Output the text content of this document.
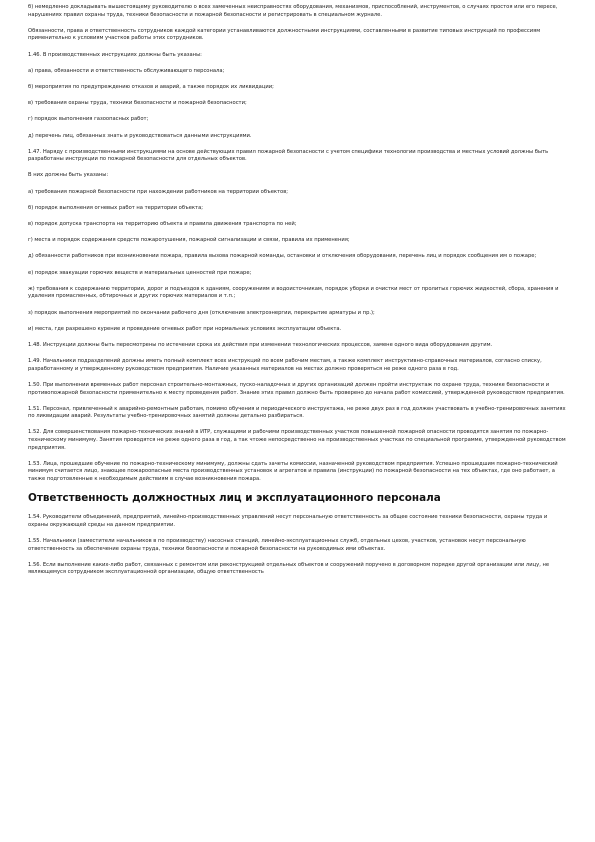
б) немедленно докладывать вышестоящему руководителю о всех замеченных неисправностях оборудования, механизмов, приспособлений, инструментов, о случаях простоя или его пересе, нарушениях правил охраны труда, техники безопасности и пожарной безопасности и регистрировать в специальном журнале.

Обязанности, права и ответственность сотрудников каждой категории устанавливаются должностными инструкциями, составленными в развитие типовых инструкций по профессиям применительно к условиям участков работы этих сотрудников.

1.46. В производственных инструкциях должны быть указаны:

а) права, обязанности и ответственность обслуживающего персонала;

б) мероприятия по предупреждению отказов и аварий, а также порядок их ликвидации;

в) требования охраны труда, техники безопасности и пожарной безопасности;

г) порядок выполнения газоопасных работ;

д) перечень лиц, обязанных знать и руководствоваться данными инструкциями.

1.47. Наряду с производственными инструкциями на основе действующих правил пожарной безопасности с учетом специфики технологии производства и местных условий должны быть разработаны инструкции по пожарной безопасности для отдельных объектов.

В них должны быть указаны:

а) требования пожарной безопасности при нахождении работников на территории объектов;

б) порядок выполнения огневых работ на территории объекта;

в) порядок допуска транспорта на территорию объекта и правила движения транспорта по ней;

г) места и порядок содержания средств пожаротушения, пожарной сигнализации и связи, правила их применения;

д) обязанности работников при возникновении пожара, правила вызова пожарной команды, остановки и отключения оборудования, перечень лиц и порядок сообщения им о пожаре;

е) порядок эвакуации горючих веществ и материальных ценностей при пожаре;

ж) требования к содержанию территории, дорог и подъездов к зданиям, сооружениям и водоисточникам, порядок уборки и очистки мест от пролитых горючих жидкостей, сбора, хранения и удаления промасленных, обтирочных и других горючих материалов и т.п.;

з) порядок выполнения мероприятий по окончании рабочего дня (отключение электроэнергии, перекрытие арматуры и пр.);

и) места, где разрешено курение и проведение огневых работ при нормальных условиях эксплуатации объекта.

1.48. Инструкции должны быть пересмотрены по истечении срока их действия при изменении технологических процессов, замене одного вида оборудования другим.

1.49. Начальники подразделений должны иметь полный комплект всех инструкций по всем рабочим местам, а также комплект инструктивно-справочных материалов, согласно списку, разработанному и утвержденному руководством предприятия. Наличие указанных материалов на местах должно проверяться не реже одного раза в год.

1.50. При выполнении временных работ персонал строительно-монтажных, пуско-наладочных и других организаций должен пройти инструктаж по охране труда, технике безопасности и противопожарной безопасности применительно к месту проведения работ. Знание этих правил должно быть проверено до начала работ комиссией, утвержденной руководством предприятия.

1.51. Персонал, привлеченный к аварийно-ремонтным работам, помимо обучения и периодического инструктажа, не реже двух раз в год должен участвовать в учебно-тренировочных занятиях по ликвидации аварий. Результаты учебно-тренировочных занятий должны детально разбираться.

1.52. Для совершенствования пожарно-технических знаний в ИТР, служащими и рабочими производственных участков повышенной пожарной опасности проводятся занятия по пожарно-техническому минимуму. Занятия проводятся не реже одного раза в год, а так чтоже непосредственно на производственных участках по специальной программе, утвержденной руководством предприятия.

1.53. Лица, прошедшие обучение по пожарно-техническому минимуму, должны сдать зачеты комиссии, назначенной руководством предприятия. Успешно прошедшим пожарно-технический минимум считается лицо, знающее пожароопасные места производственных установок и агрегатов и правила (инструкции) по пожарной безопасности на тех объектах, где оно работает, а также подготовленные к необходимым действиям в случае возникновения пожара.

Ответственность должностных лиц и эксплуатационного персонала

1.54. Руководители объединений, предприятий, линейно-производственных управлений несут персональную ответственность за общее состояние техники безопасности, охраны труда и охраны окружающей среды на данном предприятии.

1.55. Начальники (заместители начальников в по производству) насосных станций, линейно-эксплуатационных служб, отдельных цехов, участков, установок несут персональную ответственность за обеспечение охраны труда, техники безопасности и пожарной безопасности на руководимых ими объектах.

1.56. Если выполнение каких-либо работ, связанных с ремонтом или реконструкцией отдельных объектов и сооружений поручено в договорном порядке другой организации или лицу, не являющемуся сотрудником эксплуатационной организации, общую ответственность
